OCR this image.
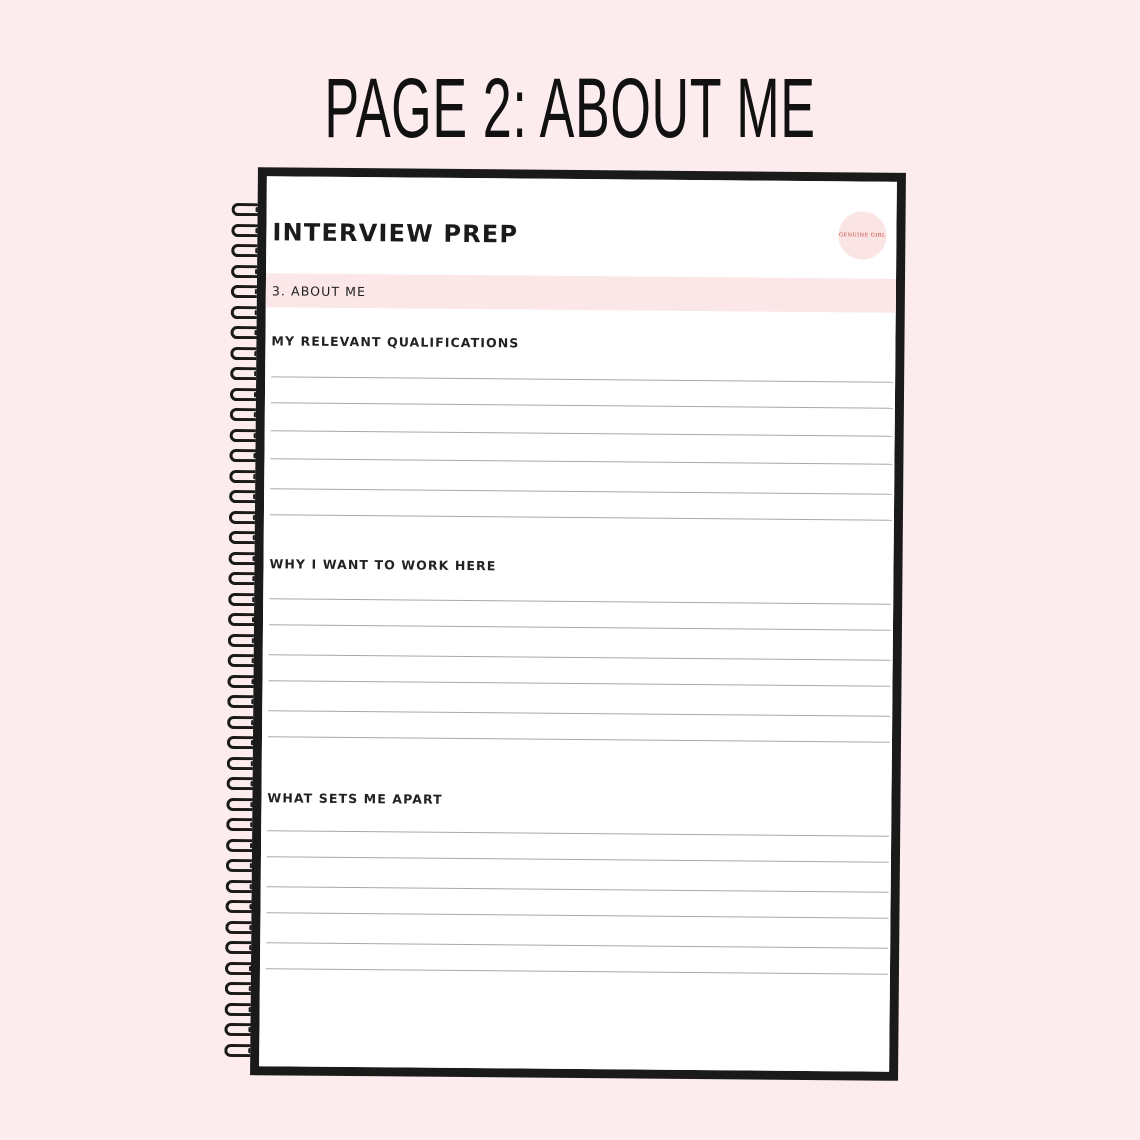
PAGE 2: ABOUT ME
INTERVIEW PREP	GENUINE GIRL
3. ABOUT ME
MY RELEVANT QUALIFICATIONS
WHY I WANT TO WORK HERE
WHAT SETS ME APART
